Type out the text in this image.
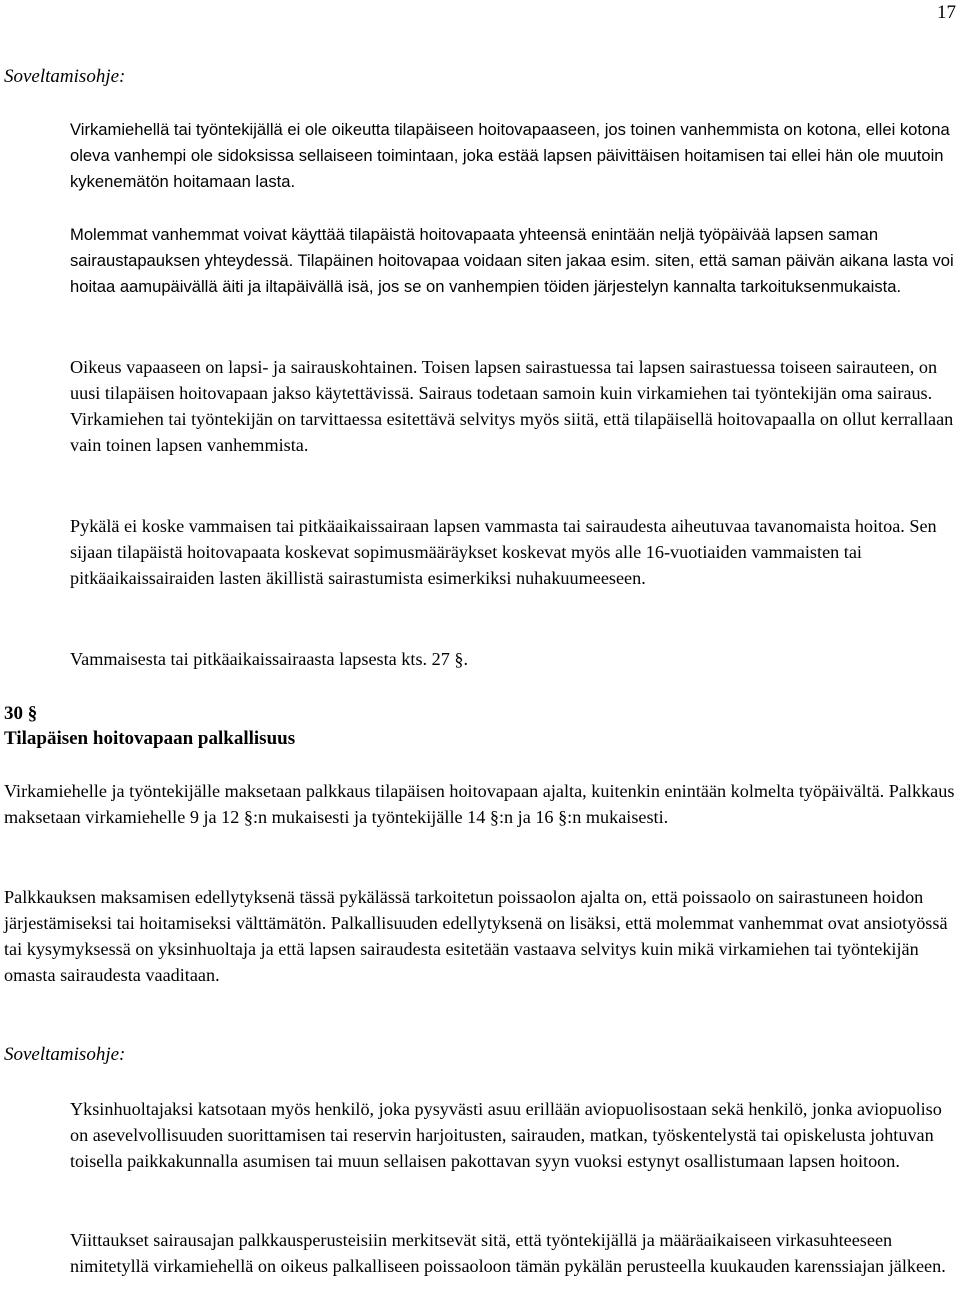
17
Soveltamisohje:

Virkamiehellä tai työntekijällä ei ole oikeutta tilapäiseen hoitovapaaseen, jos toinen vanhemmista on kotona, ellei kotona oleva vanhempi ole sidoksissa sellaiseen toimintaan, joka estää lapsen päivittäisen hoitamisen tai ellei hän ole muutoin kykenemätön hoitamaan lasta.

Molemmat vanhemmat voivat käyttää tilapäistä hoitovapaata yhteensä enintään neljä työpäivää lapsen saman sairaustapauksen yhteydessä. Tilapäinen hoitovapaa voidaan siten jakaa esim. siten, että saman päivän aikana lasta voi hoitaa aamupäivällä äiti ja iltapäivällä isä, jos se on vanhempien töiden järjestelyn kannalta tarkoituksenmukaista.

Oikeus vapaaseen on lapsi- ja sairauskohtainen. Toisen lapsen sairastuessa tai lapsen sairastuessa toiseen sairauteen, on uusi tilapäisen hoitovapaan jakso käytettävissä. Sairaus todetaan samoin kuin virkamiehen tai työntekijän oma sairaus. Virkamiehen tai työntekijän on tarvittaessa esitettävä selvitys myös siitä, että tilapäisellä hoitovapaalla on ollut kerrallaan vain toinen lapsen vanhemmista.

Pykälä ei koske vammaisen tai pitkäaikaissairaan lapsen vammasta tai sairaudesta aiheutuvaa tavanomaista hoitoa. Sen sijaan tilapäistä hoitovapaata koskevat sopimusmääräykset koskevat myös alle 16-vuotiaiden vammaisten tai pitkäaikaissairaiden lasten äkillistä sairastumista esimerkiksi nuhakuumeeseen.

Vammaisesta tai pitkäaikaissairaasta lapsesta kts. 27 §.

30 §
Tilapäisen hoitovapaan palkallisuus

Virkamiehelle ja työntekijälle maksetaan palkkaus tilapäisen hoitovapaan ajalta, kuitenkin enintään kolmelta työpäivältä. Palkkaus maksetaan virkamiehelle 9 ja 12 §:n mukaisesti ja työntekijälle 14 §:n ja 16 §:n mukaisesti.

Palkkauksen maksamisen edellytyksenä tässä pykälässä tarkoitetun poissaolon ajalta on, että poissaolo on sairastuneen hoidon järjestämiseksi tai hoitamiseksi välttämätön. Palkallisuuden edellytyksenä on lisäksi, että molemmat vanhemmat ovat ansiotyössä tai kysymyksessä on yksinhuoltaja ja että lapsen sairaudesta esitetään vastaava selvitys kuin mikä virkamiehen tai työntekijän omasta sairaudesta vaaditaan.

Soveltamisohje:

Yksinhuoltajaksi katsotaan myös henkilö, joka pysyvästi asuu erillään aviopuolisostaan sekä henkilö, jonka aviopuoliso on asevelvollisuuden suorittamisen tai reservin harjoitusten, sairauden, matkan, työskentelystä tai opiskelusta johtuvan toisella paikkakunnalla asumisen tai muun sellaisen pakottavan syyn vuoksi estynyt osallistumaan lapsen hoitoon.

Viittaukset sairausajan palkkausperusteisiin merkitsevät sitä, että työntekijällä ja määräaikaiseen virkasuhteeseen nimitetyllä virkamiehellä on oikeus palkalliseen poissaoloon tämän pykälän perusteella kuukauden karenssiajan jälkeen.
